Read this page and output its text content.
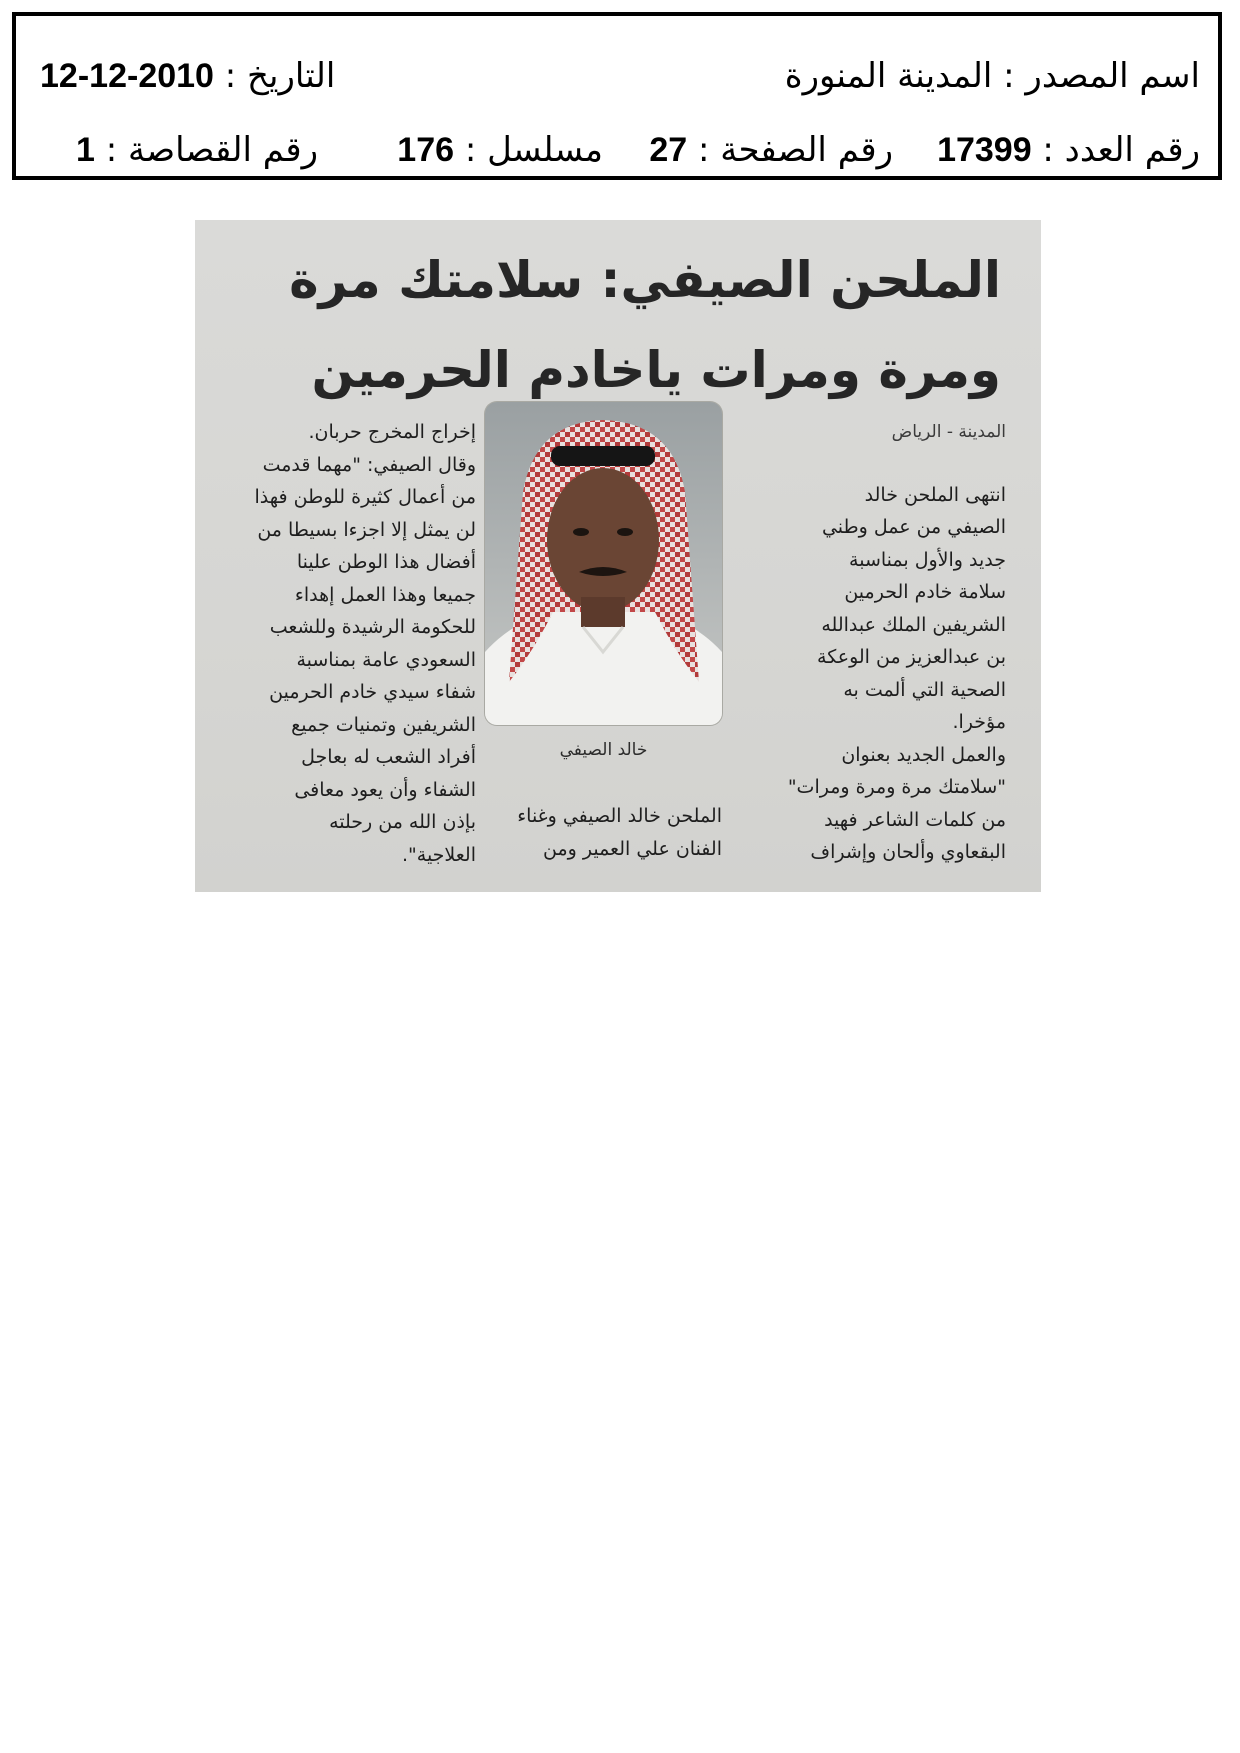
اسم المصدر : المدينة المنورة
التاريخ : 2010-12-12
رقم العدد : 17399
رقم الصفحة : 27
مسلسل : 176
رقم القصاصة : 1
الملحن الصيفي: سلامتك مرة
ومرة ومرات ياخادم الحرمين
المدينة - الرياض
انتهى الملحن خالد
الصيفي من عمل وطني
جديد والأول بمناسبة
سلامة خادم الحرمين
الشريفين الملك عبدالله
بن عبدالعزيز من الوعكة
الصحية التي ألمت به
مؤخرا.
والعمل الجديد بعنوان
"سلامتك مرة ومرة ومرات"
من كلمات الشاعر فهيد
البقعاوي وألحان وإشراف
خالد الصيفي
الملحن خالد الصيفي وغناء
الفنان علي العمير ومن
إخراج المخرج حربان.
وقال الصيفي: "مهما قدمت
من أعمال كثيرة للوطن فهذا
لن يمثل إلا اجزءا بسيطا من
أفضال هذا الوطن علينا
جميعا وهذا العمل إهداء
للحكومة الرشيدة وللشعب
السعودي عامة بمناسبة
شفاء سيدي خادم الحرمين
الشريفين وتمنيات جميع
أفراد الشعب له بعاجل
الشفاء وأن يعود معافى
بإذن الله من رحلته
العلاجية".
